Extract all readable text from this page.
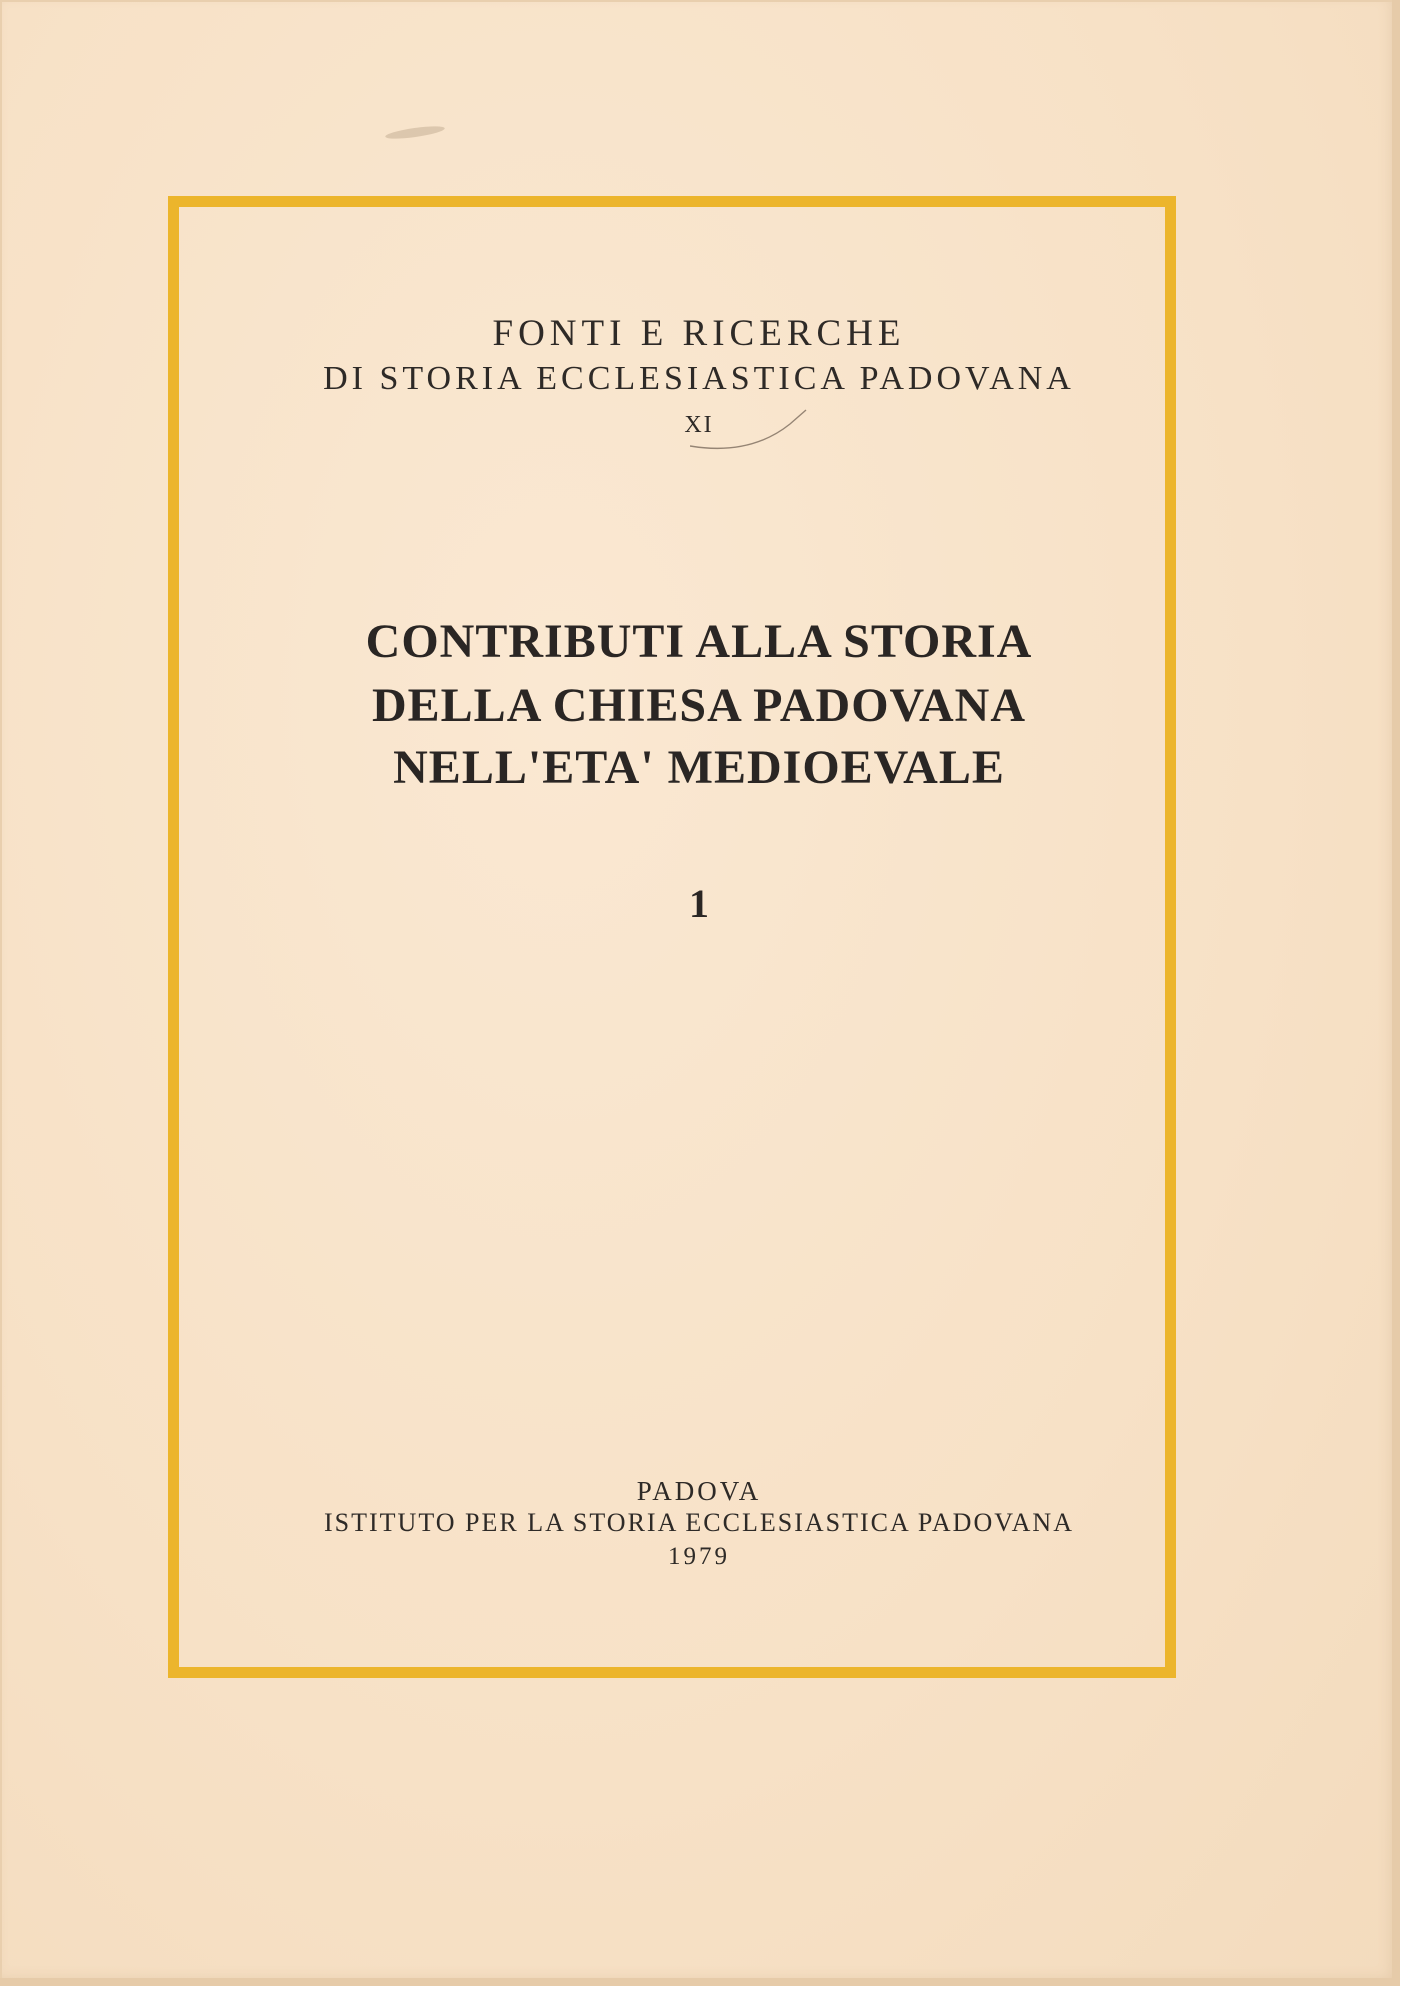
FONTI E RICERCHE
DI STORIA ECCLESIASTICA PADOVANA
XI
CONTRIBUTI ALLA STORIA
DELLA CHIESA PADOVANA
NELL'ETA' MEDIOEVALE
1
PADOVA
ISTITUTO PER LA STORIA ECCLESIASTICA PADOVANA
1979
